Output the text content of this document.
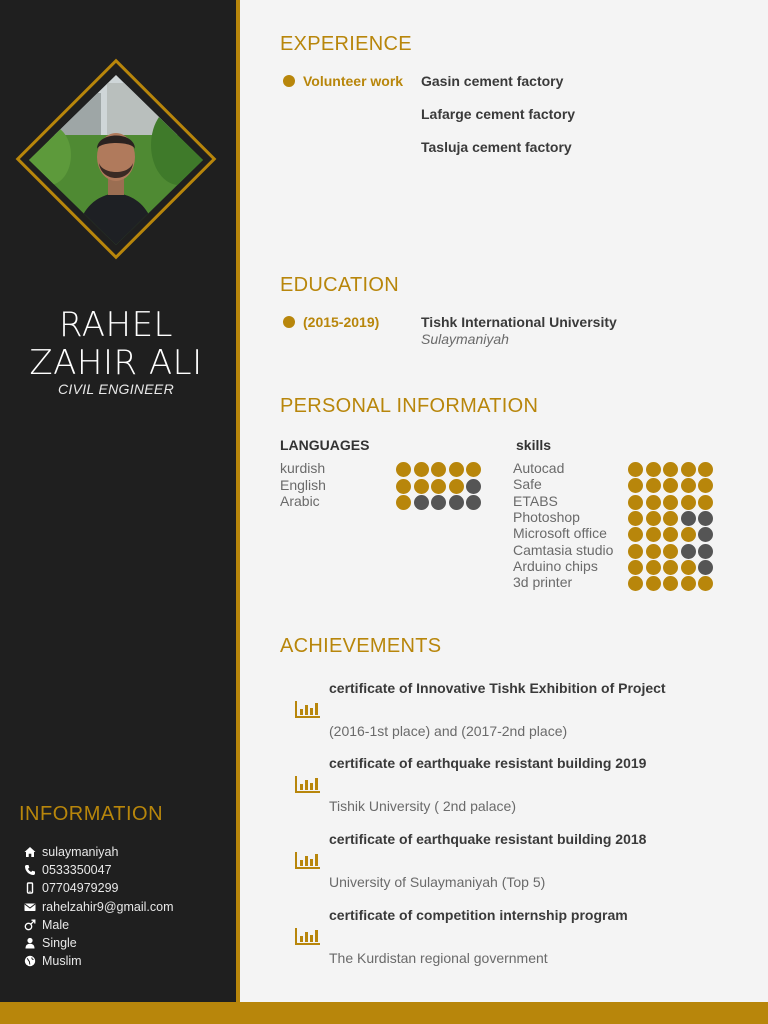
RAHEL
ZAHIR ALI
CIVIL ENGINEER
INFORMATION
sulaymaniyah
0533350047
07704979299
rahelzahir9@gmail.com
Male
Single
Muslim
EXPERIENCE
Volunteer work Gasin cement factory
Lafarge cement factory
Tasluja cement factory
EDUCATION
(2015-2019)	Tishk International University
Sulaymaniyah
PERSONAL INFORMATION
LANGUAGES	skills
kurdish
English
Arabic
Autocad
Safe
ETABS
Photoshop
Microsoft office
Camtasia studio
Arduino chips
3d printer
ACHIEVEMENTS
certificate of Innovative Tishk Exhibition of Project
(2016-1st place) and (2017-2nd place)
certificate of earthquake resistant building 2019
Tishik University ( 2nd palace)
certificate of earthquake resistant building 2018
University of Sulaymaniyah (Top 5)
certificate of competition internship program
The Kurdistan regional government
